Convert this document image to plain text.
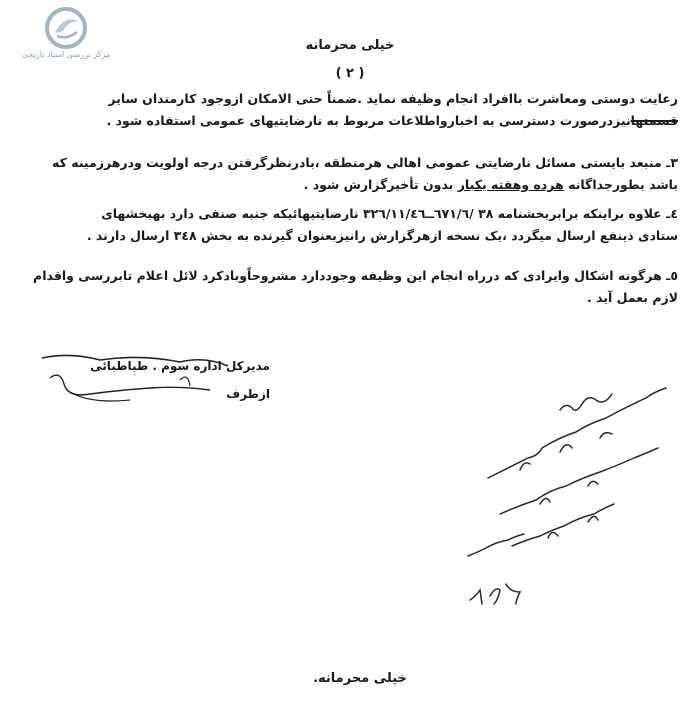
مرکز بررسی اسناد تاریخی
خیلی محرمانه
( ٢ )

رعایت دوستی ومعاشرت باافراد انجام وظیفه نماید .ضمناً حتی الامکان ازوجود کارمندان سایر

قسمتهانیزدرصورت دسترسی به اخبارواطلاعات مربوط به نارضایتیهای عمومی استفاده شود .

٣ـ منبعد بایستی مسائل نارضایتی عمومی اهالی هرمنطقه ،بادرنظرگرفتن درجه اولویت ودرهرزمینه که

باشد بطورجداگانه هرده وهفته یکبار بدون تأخیرگزارش شود .

٤ـ علاوه براینکه برابربخشنامه ٣٨ /٦٧١/٦ــ٣٢٦/١١/٤٦ نارضایتیهائیکه جنبه صنفی دارد بهبخشهای

ستادی ذینفع ارسال میگردد ،یک نسخه ازهرگزارش رانیزبعنوان گیرنده به بخش ٣٤٨ ارسال دارند .

٥ـ هرگونه اشکال وایرادی که درراه انجام این وظیفه وجوددارد مشروحاًوبادکرد لائل اعلام تابررسی واقدام

لازم بعمل آید .

مدیرکل اداره سوم . طباطبائی
ازطرف
خیلی محرمانه.
